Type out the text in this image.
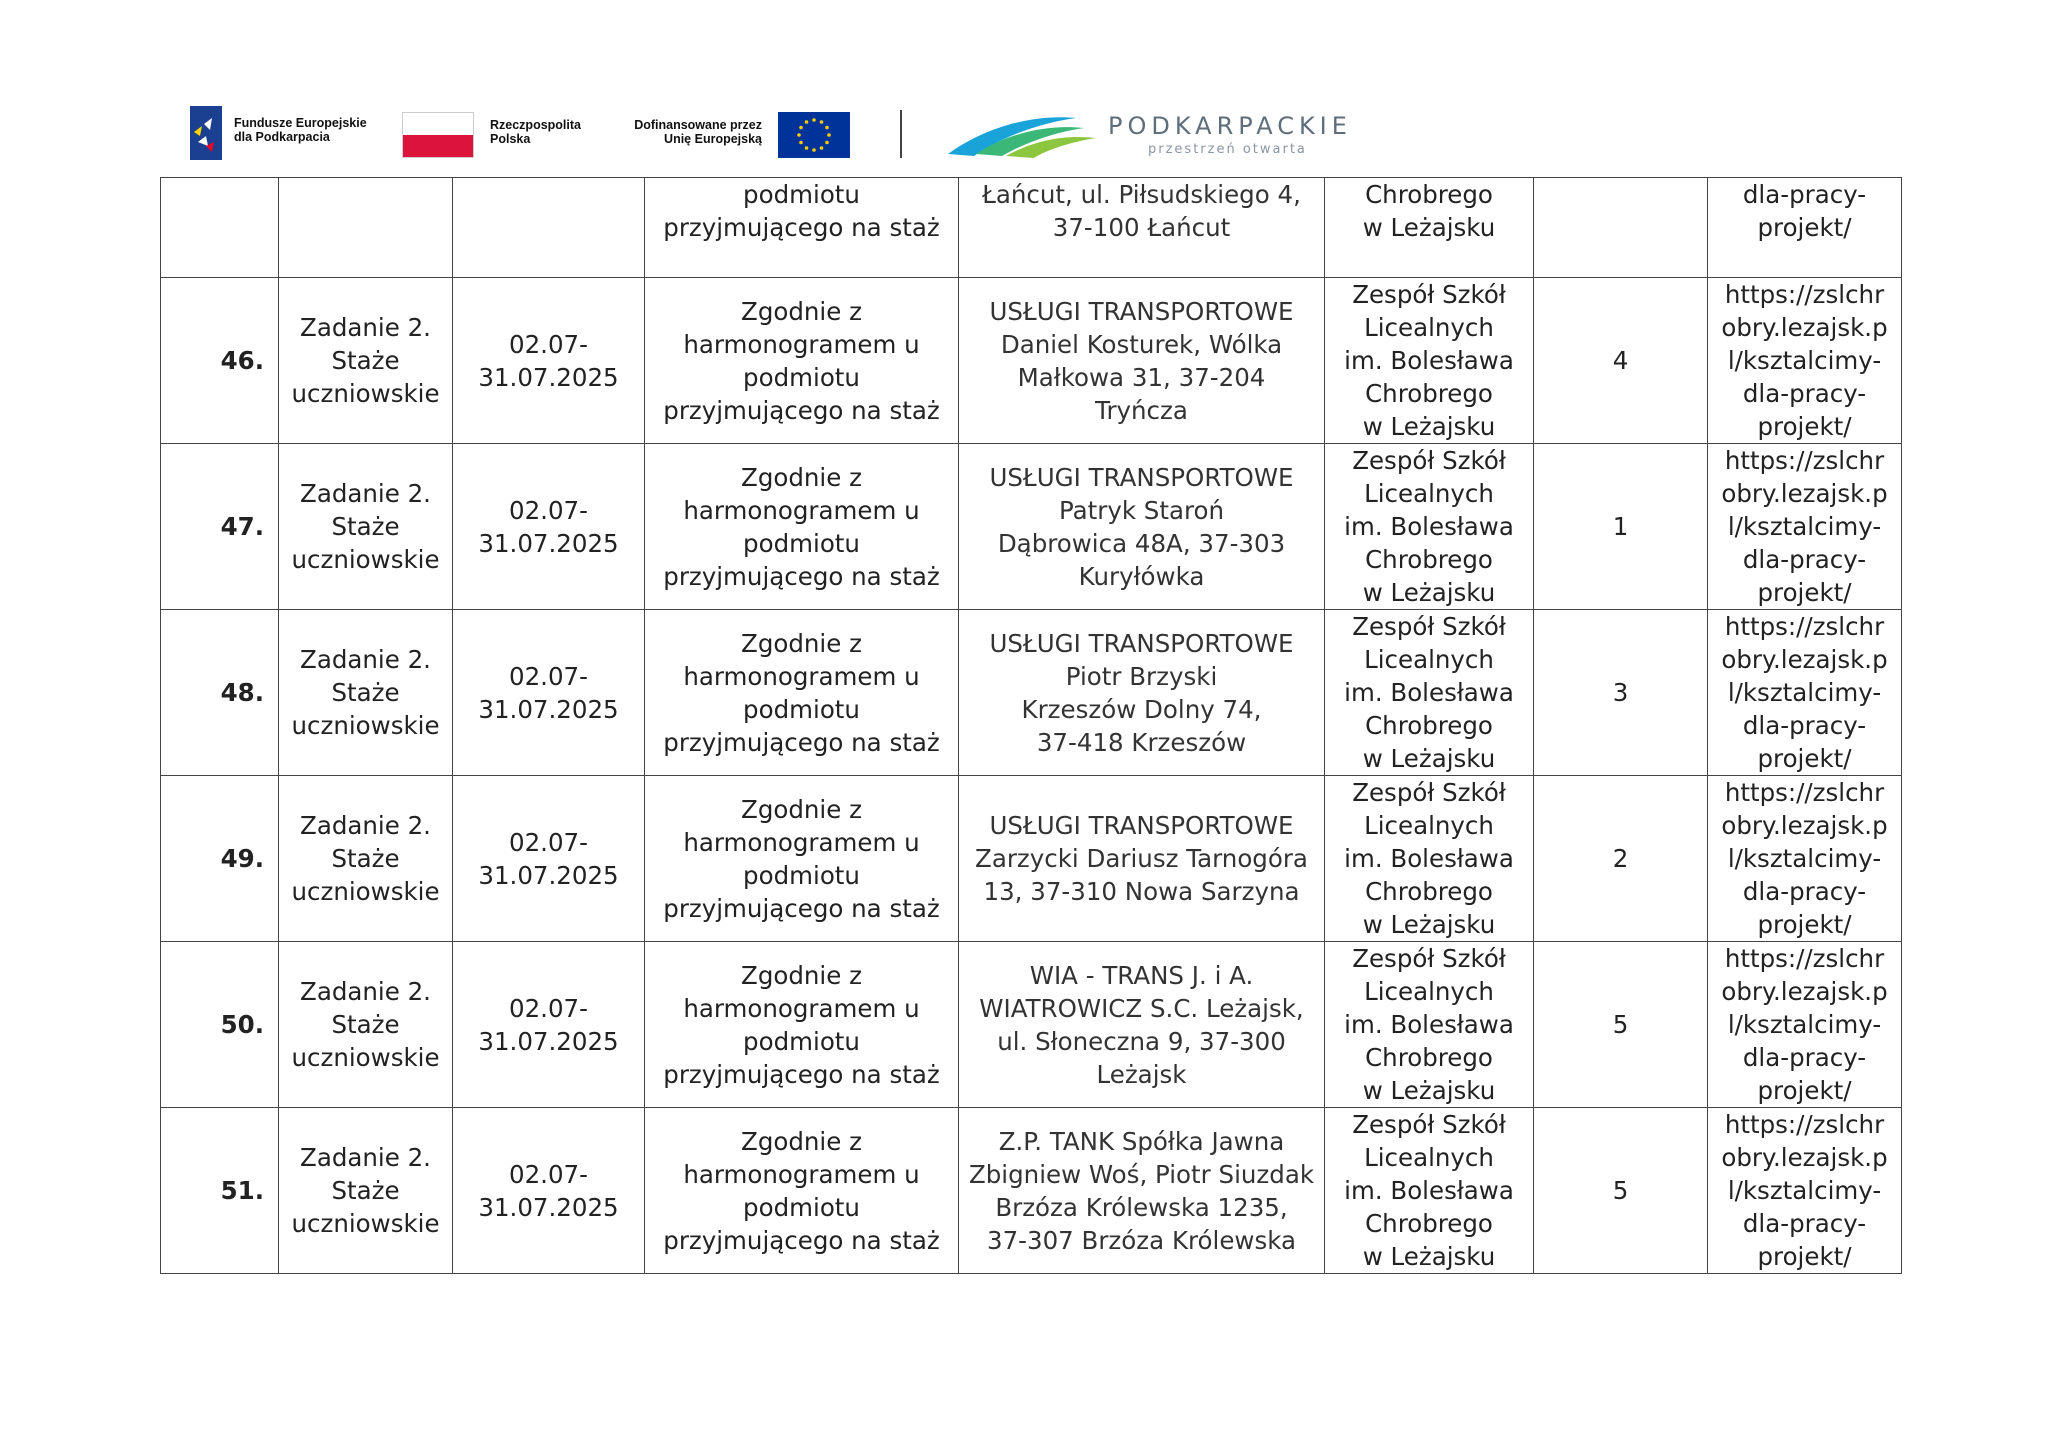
Fundusze Europejskie
dla Podkarpacia
Rzeczpospolita
Polska
Dofinansowane przez
Unię Europejską	PODKARPACKIE
przestrzeń otwarta

			podmiotu
przyjmującego na staż	Łańcut, ul. Piłsudskiego 4,
37-100 Łańcut	Chrobrego
w Leżajsku		dla-pracy-
projekt/

46.	Zadanie 2.
Staże
uczniowskie	02.07-
31.07.2025	Zgodnie z
harmonogramem u
podmiotu
przyjmującego na staż	USŁUGI TRANSPORTOWE
Daniel Kosturek, Wólka
Małkowa 31, 37-204
Tryńcza	Zespół Szkół
Licealnych
im. Bolesława
Chrobrego
w Leżajsku	4	https://zslchr
obry.lezajsk.p
l/ksztalcimy-
dla-pracy-
projekt/

47.	Zadanie 2.
Staże
uczniowskie	02.07-
31.07.2025	Zgodnie z
harmonogramem u
podmiotu
przyjmującego na staż	USŁUGI TRANSPORTOWE
Patryk Staroń
Dąbrowica 48A, 37-303
Kuryłówka	Zespół Szkół
Licealnych
im. Bolesława
Chrobrego
w Leżajsku	1	https://zslchr
obry.lezajsk.p
l/ksztalcimy-
dla-pracy-
projekt/

48.	Zadanie 2.
Staże
uczniowskie	02.07-
31.07.2025	Zgodnie z
harmonogramem u
podmiotu
przyjmującego na staż	USŁUGI TRANSPORTOWE
Piotr Brzyski
Krzeszów Dolny 74,
37-418 Krzeszów	Zespół Szkół
Licealnych
im. Bolesława
Chrobrego
w Leżajsku	3	https://zslchr
obry.lezajsk.p
l/ksztalcimy-
dla-pracy-
projekt/

49.	Zadanie 2.
Staże
uczniowskie	02.07-
31.07.2025	Zgodnie z
harmonogramem u
podmiotu
przyjmującego na staż	USŁUGI TRANSPORTOWE
Zarzycki Dariusz Tarnogóra
13, 37-310 Nowa Sarzyna	Zespół Szkół
Licealnych
im. Bolesława
Chrobrego
w Leżajsku	2	https://zslchr
obry.lezajsk.p
l/ksztalcimy-
dla-pracy-
projekt/

50.	Zadanie 2.
Staże
uczniowskie	02.07-
31.07.2025	Zgodnie z
harmonogramem u
podmiotu
przyjmującego na staż	WIA - TRANS J. i A.
WIATROWICZ S.C. Leżajsk,
ul. Słoneczna 9, 37-300
Leżajsk	Zespół Szkół
Licealnych
im. Bolesława
Chrobrego
w Leżajsku	5	https://zslchr
obry.lezajsk.p
l/ksztalcimy-
dla-pracy-
projekt/

51.	Zadanie 2.
Staże
uczniowskie	02.07-
31.07.2025	Zgodnie z
harmonogramem u
podmiotu
przyjmującego na staż	Z.P. TANK Spółka Jawna
Zbigniew Woś, Piotr Siuzdak
Brzóza Królewska 1235,
37-307 Brzóza Królewska	Zespół Szkół
Licealnych
im. Bolesława
Chrobrego
w Leżajsku	5	https://zslchr
obry.lezajsk.p
l/ksztalcimy-
dla-pracy-
projekt/
